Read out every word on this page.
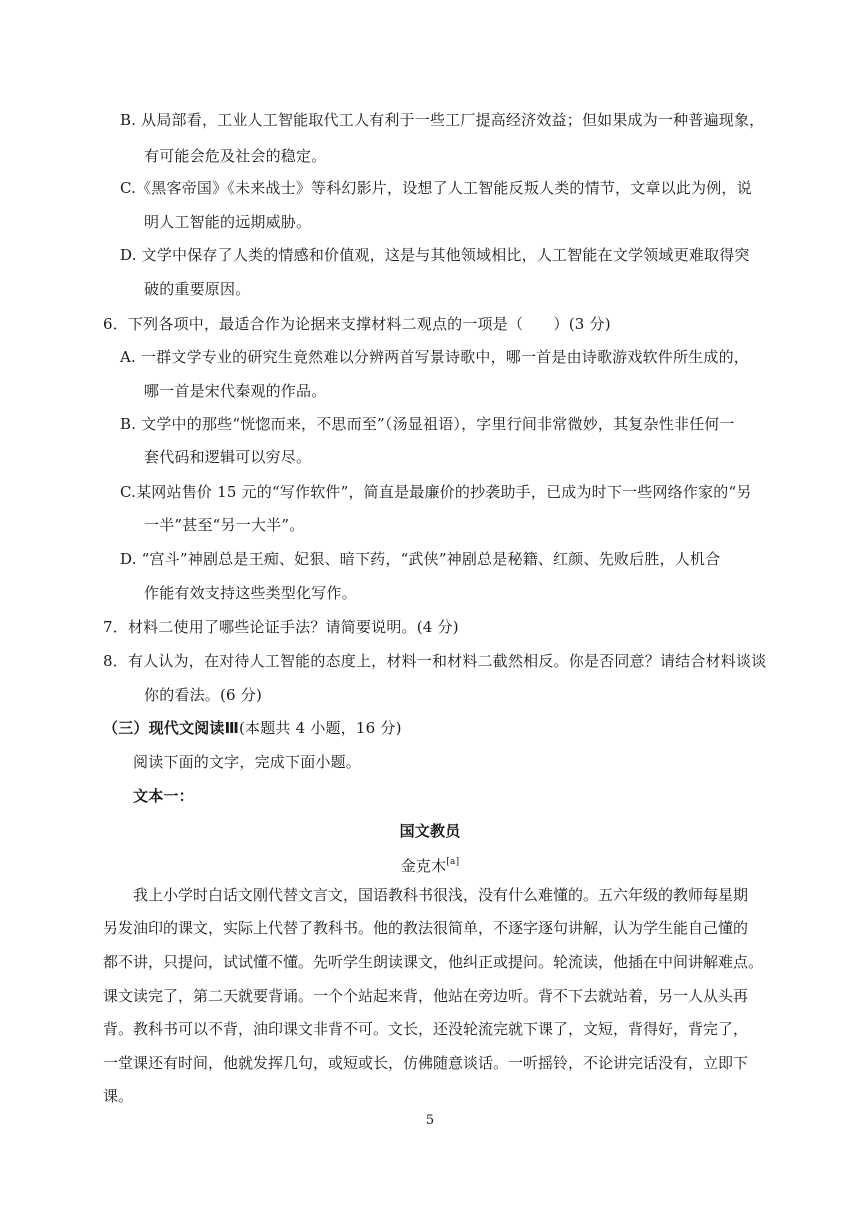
B. 从局部看，工业人工智能取代工人有利于一些工厂提高经济效益；但如果成为一种普遍现象，
有可能会危及社会的稳定。
C.《黑客帝国》《未来战士》等科幻影片，设想了人工智能反叛人类的情节，文章以此为例，说
明人工智能的远期威胁。
D. 文学中保存了人类的情感和价值观，这是与其他领域相比，人工智能在文学领域更难取得突
破的重要原因。
6．下列各项中，最适合作为论据来支撑材料二观点的一项是（　　）(3 分)
A. 一群文学专业的研究生竟然难以分辨两首写景诗歌中，哪一首是由诗歌游戏软件所生成的，
哪一首是宋代秦观的作品。
B. 文学中的那些“恍惚而来，不思而至”（汤显祖语），字里行间非常微妙，其复杂性非任何一
套代码和逻辑可以穷尽。
C.某网站售价 15 元的“写作软件”，简直是最廉价的抄袭助手，已成为时下一些网络作家的“另
一半”甚至“另一大半”。
D. “宫斗”神剧总是王痴、妃狠、暗下药，“武侠”神剧总是秘籍、红颜、先败后胜，人机合
作能有效支持这些类型化写作。
7．材料二使用了哪些论证手法？请简要说明。(4 分)
8．有人认为，在对待人工智能的态度上，材料一和材料二截然相反。你是否同意？请结合材料谈谈
你的看法。(6 分)
（三）现代文阅读Ⅲ(本题共 4 小题，16 分)
阅读下面的文字，完成下面小题。
文本一：
国文教员
金克木[a]
　　我上小学时白话文刚代替文言文，国语教科书很浅，没有什么难懂的。五六年级的教师每星期
另发油印的课文，实际上代替了教科书。他的教法很简单，不逐字逐句讲解，认为学生能自己懂的
都不讲，只提问，试试懂不懂。先听学生朗读课文，他纠正或提问。轮流读，他插在中间讲解难点。
课文读完了，第二天就要背诵。一个个站起来背，他站在旁边听。背不下去就站着，另一人从头再
背。教科书可以不背，油印课文非背不可。文长，还没轮流完就下课了，文短，背得好，背完了，
一堂课还有时间，他就发挥几句，或短或长，仿佛随意谈话。一听摇铃，不论讲完话没有，立即下
课。
5
